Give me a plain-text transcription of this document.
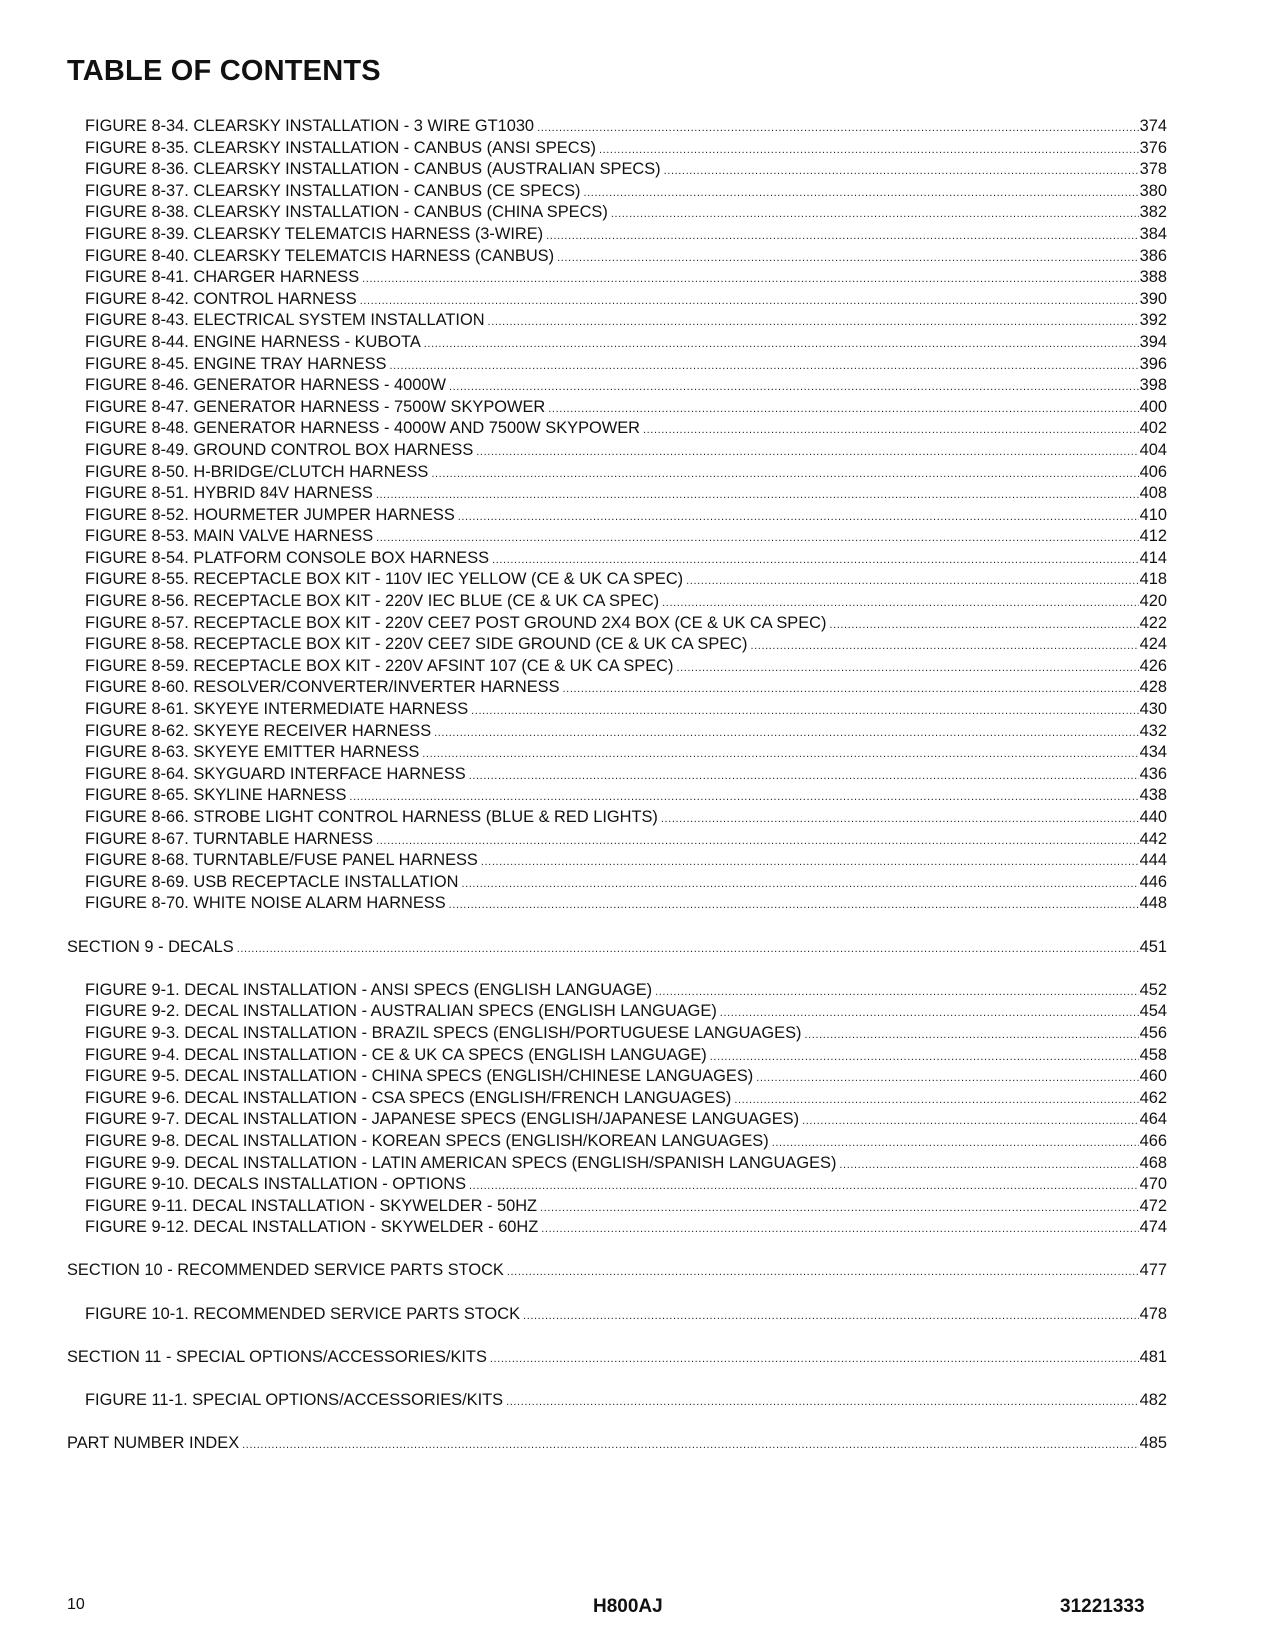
TABLE OF CONTENTS
FIGURE 8-34. CLEARSKY INSTALLATION - 3 WIRE GT1030 .....	374
FIGURE 8-35. CLEARSKY INSTALLATION - CANBUS (ANSI SPECS) .....	376
FIGURE 8-36. CLEARSKY INSTALLATION - CANBUS (AUSTRALIAN SPECS) .....	378
FIGURE 8-37. CLEARSKY INSTALLATION - CANBUS (CE SPECS) .....	380
FIGURE 8-38. CLEARSKY INSTALLATION - CANBUS (CHINA SPECS) .....	382
FIGURE 8-39. CLEARSKY TELEMATCIS HARNESS (3-WIRE) .....	384
FIGURE 8-40. CLEARSKY TELEMATCIS HARNESS (CANBUS) .....	386
FIGURE 8-41. CHARGER HARNESS .....	388
FIGURE 8-42. CONTROL HARNESS .....	390
FIGURE 8-43. ELECTRICAL SYSTEM INSTALLATION .....	392
FIGURE 8-44. ENGINE HARNESS - KUBOTA .....	394
FIGURE 8-45. ENGINE TRAY HARNESS .....	396
FIGURE 8-46. GENERATOR HARNESS - 4000W .....	398
FIGURE 8-47. GENERATOR HARNESS - 7500W SKYPOWER .....	400
FIGURE 8-48. GENERATOR HARNESS - 4000W AND 7500W SKYPOWER .....	402
FIGURE 8-49. GROUND CONTROL BOX HARNESS .....	404
FIGURE 8-50. H-BRIDGE/CLUTCH HARNESS .....	406
FIGURE 8-51. HYBRID 84V HARNESS .....	408
FIGURE 8-52. HOURMETER JUMPER HARNESS .....	410
FIGURE 8-53. MAIN VALVE HARNESS .....	412
FIGURE 8-54. PLATFORM CONSOLE BOX HARNESS .....	414
FIGURE 8-55. RECEPTACLE BOX KIT - 110V IEC YELLOW (CE & UK CA SPEC) .....	418
FIGURE 8-56. RECEPTACLE BOX KIT - 220V IEC BLUE (CE & UK CA SPEC) .....	420
FIGURE 8-57. RECEPTACLE BOX KIT - 220V CEE7 POST GROUND 2X4 BOX (CE & UK CA SPEC) .....	422
FIGURE 8-58. RECEPTACLE BOX KIT - 220V CEE7 SIDE GROUND (CE & UK CA SPEC) .....	424
FIGURE 8-59. RECEPTACLE BOX KIT - 220V AFSINT 107 (CE & UK CA SPEC) .....	426
FIGURE 8-60. RESOLVER/CONVERTER/INVERTER HARNESS .....	428
FIGURE 8-61. SKYEYE INTERMEDIATE HARNESS .....	430
FIGURE 8-62. SKYEYE RECEIVER HARNESS .....	432
FIGURE 8-63. SKYEYE EMITTER HARNESS .....	434
FIGURE 8-64. SKYGUARD INTERFACE HARNESS .....	436
FIGURE 8-65. SKYLINE HARNESS .....	438
FIGURE 8-66. STROBE LIGHT CONTROL HARNESS (BLUE & RED LIGHTS) .....	440
FIGURE 8-67. TURNTABLE HARNESS .....	442
FIGURE 8-68. TURNTABLE/FUSE PANEL HARNESS .....	444
FIGURE 8-69. USB RECEPTACLE INSTALLATION .....	446
FIGURE 8-70. WHITE NOISE ALARM HARNESS .....	448
SECTION 9 - DECALS .....	451
FIGURE 9-1. DECAL INSTALLATION - ANSI SPECS (ENGLISH LANGUAGE) .....	452
FIGURE 9-2. DECAL INSTALLATION - AUSTRALIAN SPECS (ENGLISH LANGUAGE) .....	454
FIGURE 9-3. DECAL INSTALLATION - BRAZIL SPECS (ENGLISH/PORTUGUESE LANGUAGES) .....	456
FIGURE 9-4. DECAL INSTALLATION - CE & UK CA SPECS (ENGLISH LANGUAGE) .....	458
FIGURE 9-5. DECAL INSTALLATION - CHINA SPECS (ENGLISH/CHINESE LANGUAGES) .....	460
FIGURE 9-6. DECAL INSTALLATION - CSA SPECS (ENGLISH/FRENCH LANGUAGES) .....	462
FIGURE 9-7. DECAL INSTALLATION - JAPANESE SPECS (ENGLISH/JAPANESE LANGUAGES) .....	464
FIGURE 9-8. DECAL INSTALLATION - KOREAN SPECS (ENGLISH/KOREAN LANGUAGES) .....	466
FIGURE 9-9. DECAL INSTALLATION - LATIN AMERICAN SPECS (ENGLISH/SPANISH LANGUAGES) .....	468
FIGURE 9-10. DECALS INSTALLATION - OPTIONS .....	470
FIGURE 9-11. DECAL INSTALLATION - SKYWELDER - 50HZ .....	472
FIGURE 9-12. DECAL INSTALLATION - SKYWELDER - 60HZ .....	474
SECTION 10 - RECOMMENDED SERVICE PARTS STOCK .....	477
FIGURE 10-1. RECOMMENDED SERVICE PARTS STOCK .....	478
SECTION 11 - SPECIAL OPTIONS/ACCESSORIES/KITS .....	481
FIGURE 11-1. SPECIAL OPTIONS/ACCESSORIES/KITS .....	482
PART NUMBER INDEX .....	485
10	H800AJ	31221333
